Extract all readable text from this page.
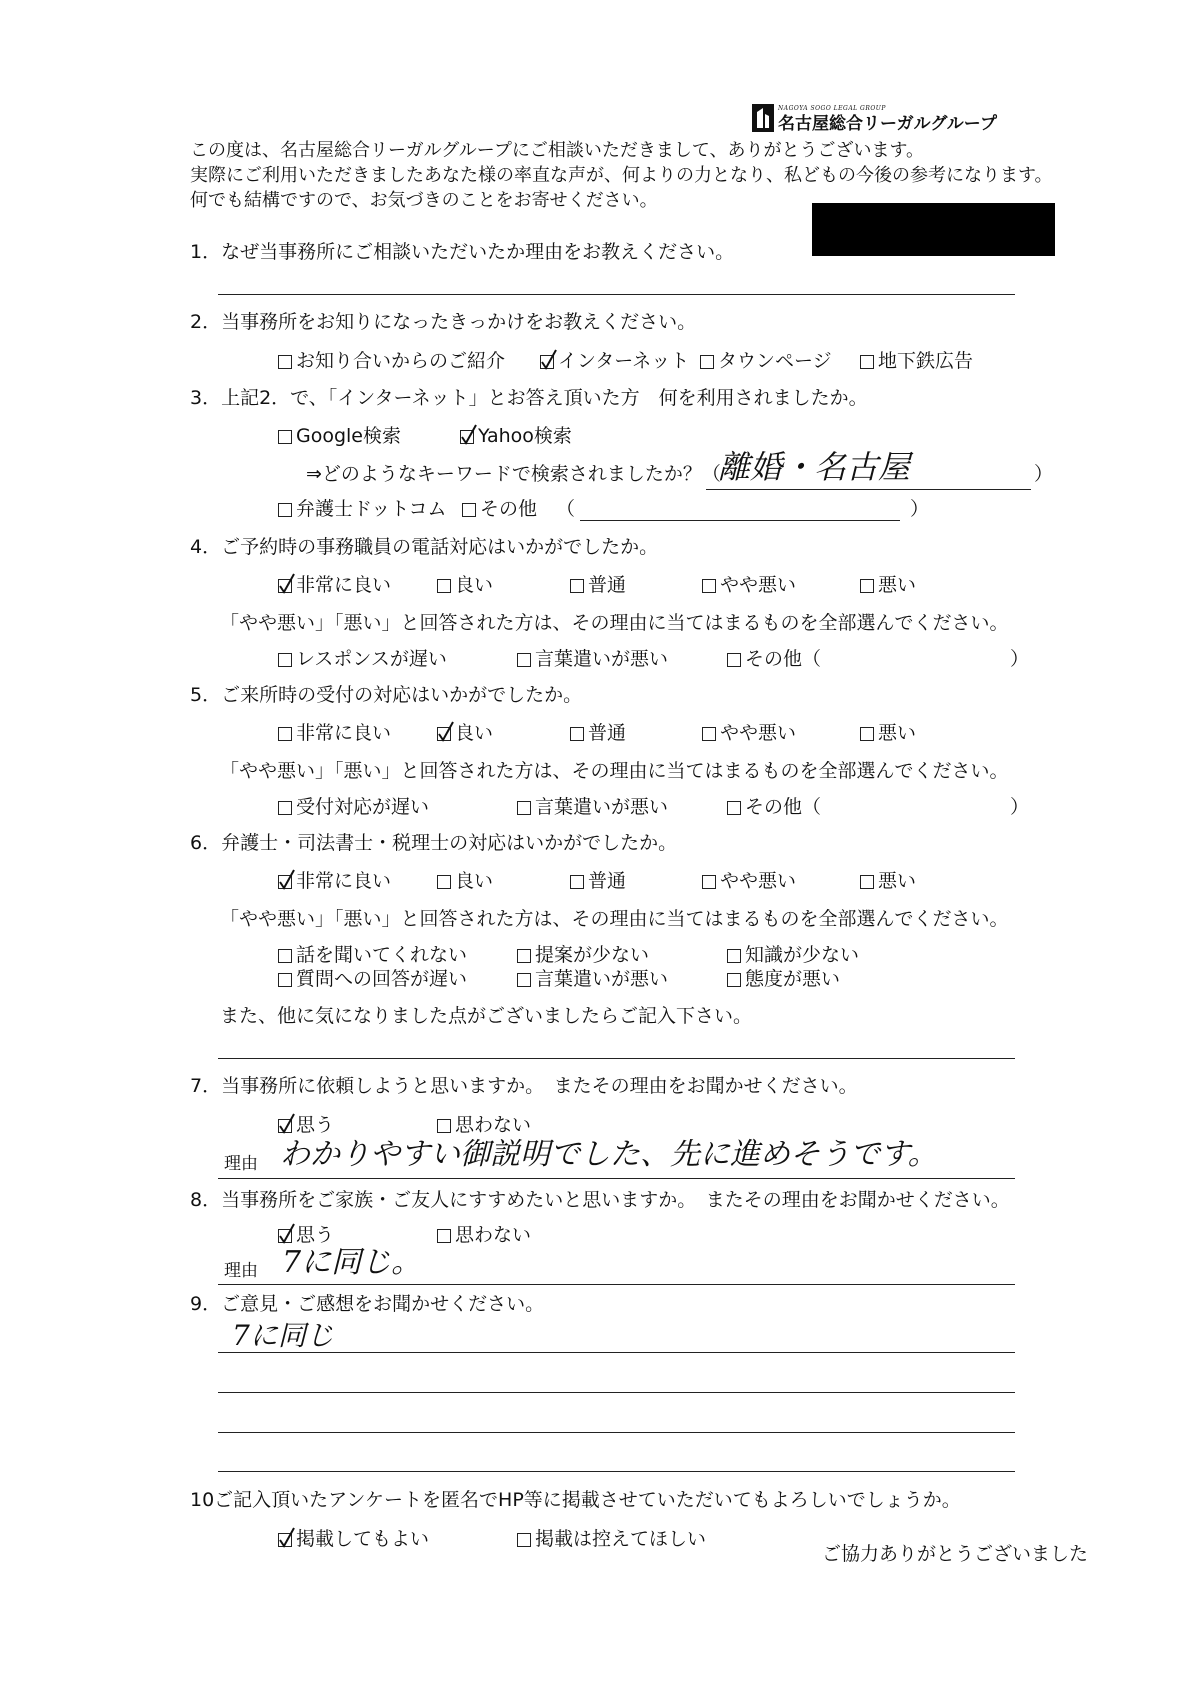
NAGOYA SOGO LEGAL GROUP
名古屋総合リーガルグループ
この度は、名古屋総合リーガルグループにご相談いただきまして、ありがとうございます。
実際にご利用いただきましたあなた様の率直な声が、何よりの力となり、私どもの今後の参考になります。
何でも結構ですので、お気づきのことをお寄せください。
1．なぜ当事務所にご相談いただいたか理由をお教えください。
2．当事務所をお知りになったきっかけをお教えください。
お知り合いからのご紹介	インターネット	タウンページ	地下鉄広告
3．上記2．で、「インターネット」とお答え頂いた方　何を利用されましたか。
Google検索	Yahoo検索
⇒どのようなキーワードで検索されましたか？（
離婚・名古屋	）
弁護士ドットコム	その他 （	）
4．ご予約時の事務職員の電話対応はいかがでしたか。
非常に良い	良い	普通	やや悪い	悪い
「やや悪い」「悪い」と回答された方は、その理由に当てはまるものを全部選んでください。
レスポンスが遅い	言葉遣いが悪い	その他（	）
5．ご来所時の受付の対応はいかがでしたか。
非常に良い	良い	普通	やや悪い	悪い
「やや悪い」「悪い」と回答された方は、その理由に当てはまるものを全部選んでください。
受付対応が遅い	言葉遣いが悪い	その他（	）
6．弁護士・司法書士・税理士の対応はいかがでしたか。
非常に良い	良い	普通	やや悪い	悪い
「やや悪い」「悪い」と回答された方は、その理由に当てはまるものを全部選んでください。
話を聞いてくれない	提案が少ない	知識が少ない
質問への回答が遅い	言葉遣いが悪い	態度が悪い
また、他に気になりました点がございましたらご記入下さい。
7．当事務所に依頼しようと思いますか。　またその理由をお聞かせください。
思う	思わない
理由 わかりやすい御説明でした、先に進めそうです。
8．当事務所をご家族・ご友人にすすめたいと思いますか。　またその理由をお聞かせください。
思う	思わない
理由 7に同じ。
9．ご意見・ご感想をお聞かせください。
7に同じ
10ご記入頂いたアンケートを匿名でHP等に掲載させていただいてもよろしいでしょうか。
掲載してもよい	掲載は控えてほしい
ご協力ありがとうございました
